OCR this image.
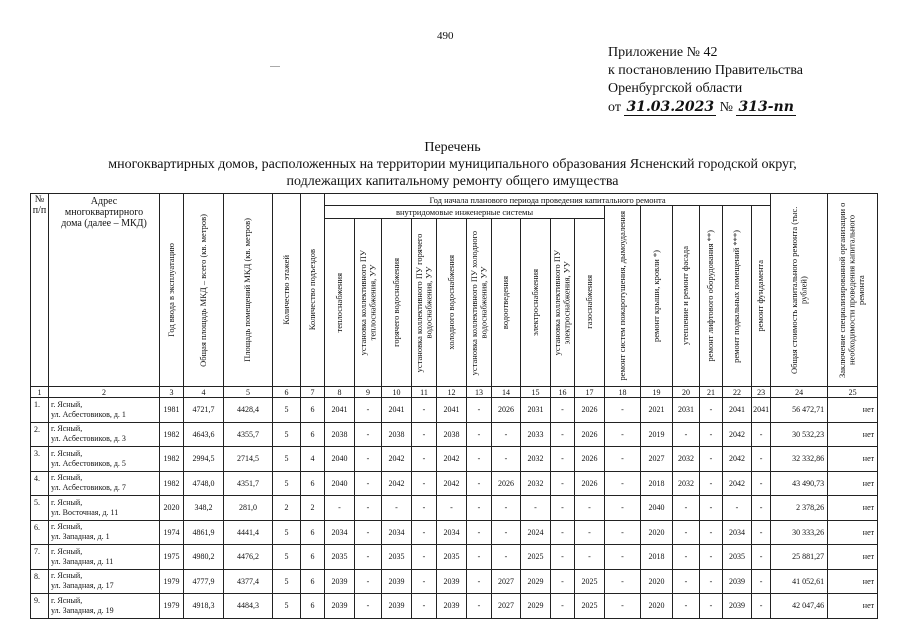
490
Приложение № 42
к постановлению Правительства
Оренбургской области
от 31.03.2023 № 313-пп
Перечень
многоквартирных домов, расположенных на территории муниципального образования Ясненский городской округ,
подлежащих капитальному ремонту общего имущества
№ п/п	Адрес многоквартирного дома (далее – МКД)	Год ввода в эксплуатацию	Общая площадь МКД – всего (кв. метров)	Площадь помещений МКД (кв. метров)	Количество этажей	Количество подъездов	Год начала планового периода проведения капитального ремонта																Общая стоимость капитального ремонта (тыс. рублей)	Заключение специализированной организации о необходимости проведения капитального ремонта

							внутридомовые инженерные системы										ремонт систем пожаротушения, дымоудаления	ремонт крыши, кровли *)	утепление и ремонт фасада	ремонт лифтового оборудования **)	ремонт подвальных помещений ***)	ремонт фундамента		

							теплоснабжения	установка коллективного ПУ теплоснабжения, УУ	горячего водоснабжения	установка коллективного ПУ горячего водоснабжения, УУ	холодного водоснабжения	установка коллективного ПУ холодного водоснабжения, УУ	водоотведения	электроснабжения	установка коллективного ПУ электроснабжения, УУ	газоснабжения								

1	2	3	4	5	6	7	8	9	10	11	12	13	14	15	16	17	18	19	20	21	22	23	24	25
1.	г. Ясный,
ул. Асбестовиков, д. 1	1981	4721,7	4428,4	5	6	2041	-	2041	-	2041	-	2026	2031	-	2026	-	2021	2031	-	2041	2041	56 472,71	нет
2.	г. Ясный,
ул. Асбестовиков, д. 3	1982	4643,6	4355,7	5	6	2038	-	2038	-	2038	-	-	2033	-	2026	-	2019	-	-	2042	-	30 532,23	нет
3.	г. Ясный,
ул. Асбестовиков, д. 5	1982	2994,5	2714,5	5	4	2040	-	2042	-	2042	-	-	2032	-	2026	-	2027	2032	-	2042	-	32 332,86	нет
4.	г. Ясный,
ул. Асбестовиков, д. 7	1982	4748,0	4351,7	5	6	2040	-	2042	-	2042	-	2026	2032	-	2026	-	2018	2032	-	2042	-	43 490,73	нет
5.	г. Ясный,
ул. Восточная, д. 11	2020	348,2	281,0	2	2	-	-	-	-	-	-	-	-	-	-	-	2040	-	-	-	-	2 378,26	нет
6.	г. Ясный,
ул. Западная, д. 1	1974	4861,9	4441,4	5	6	2034	-	2034	-	2034	-	-	2024	-	-	-	2020	-	-	2034	-	30 333,26	нет
7.	г. Ясный,
ул. Западная, д. 11	1975	4980,2	4476,2	5	6	2035	-	2035	-	2035	-	-	2025	-	-	-	2018	-	-	2035	-	25 881,27	нет
8.	г. Ясный,
ул. Западная, д. 17	1979	4777,9	4377,4	5	6	2039	-	2039	-	2039	-	2027	2029	-	2025	-	2020	-	-	2039	-	41 052,61	нет
9.	г. Ясный,
ул. Западная, д. 19	1979	4918,3	4484,3	5	6	2039	-	2039	-	2039	-	2027	2029	-	2025	-	2020	-	-	2039	-	42 047,46	нет
